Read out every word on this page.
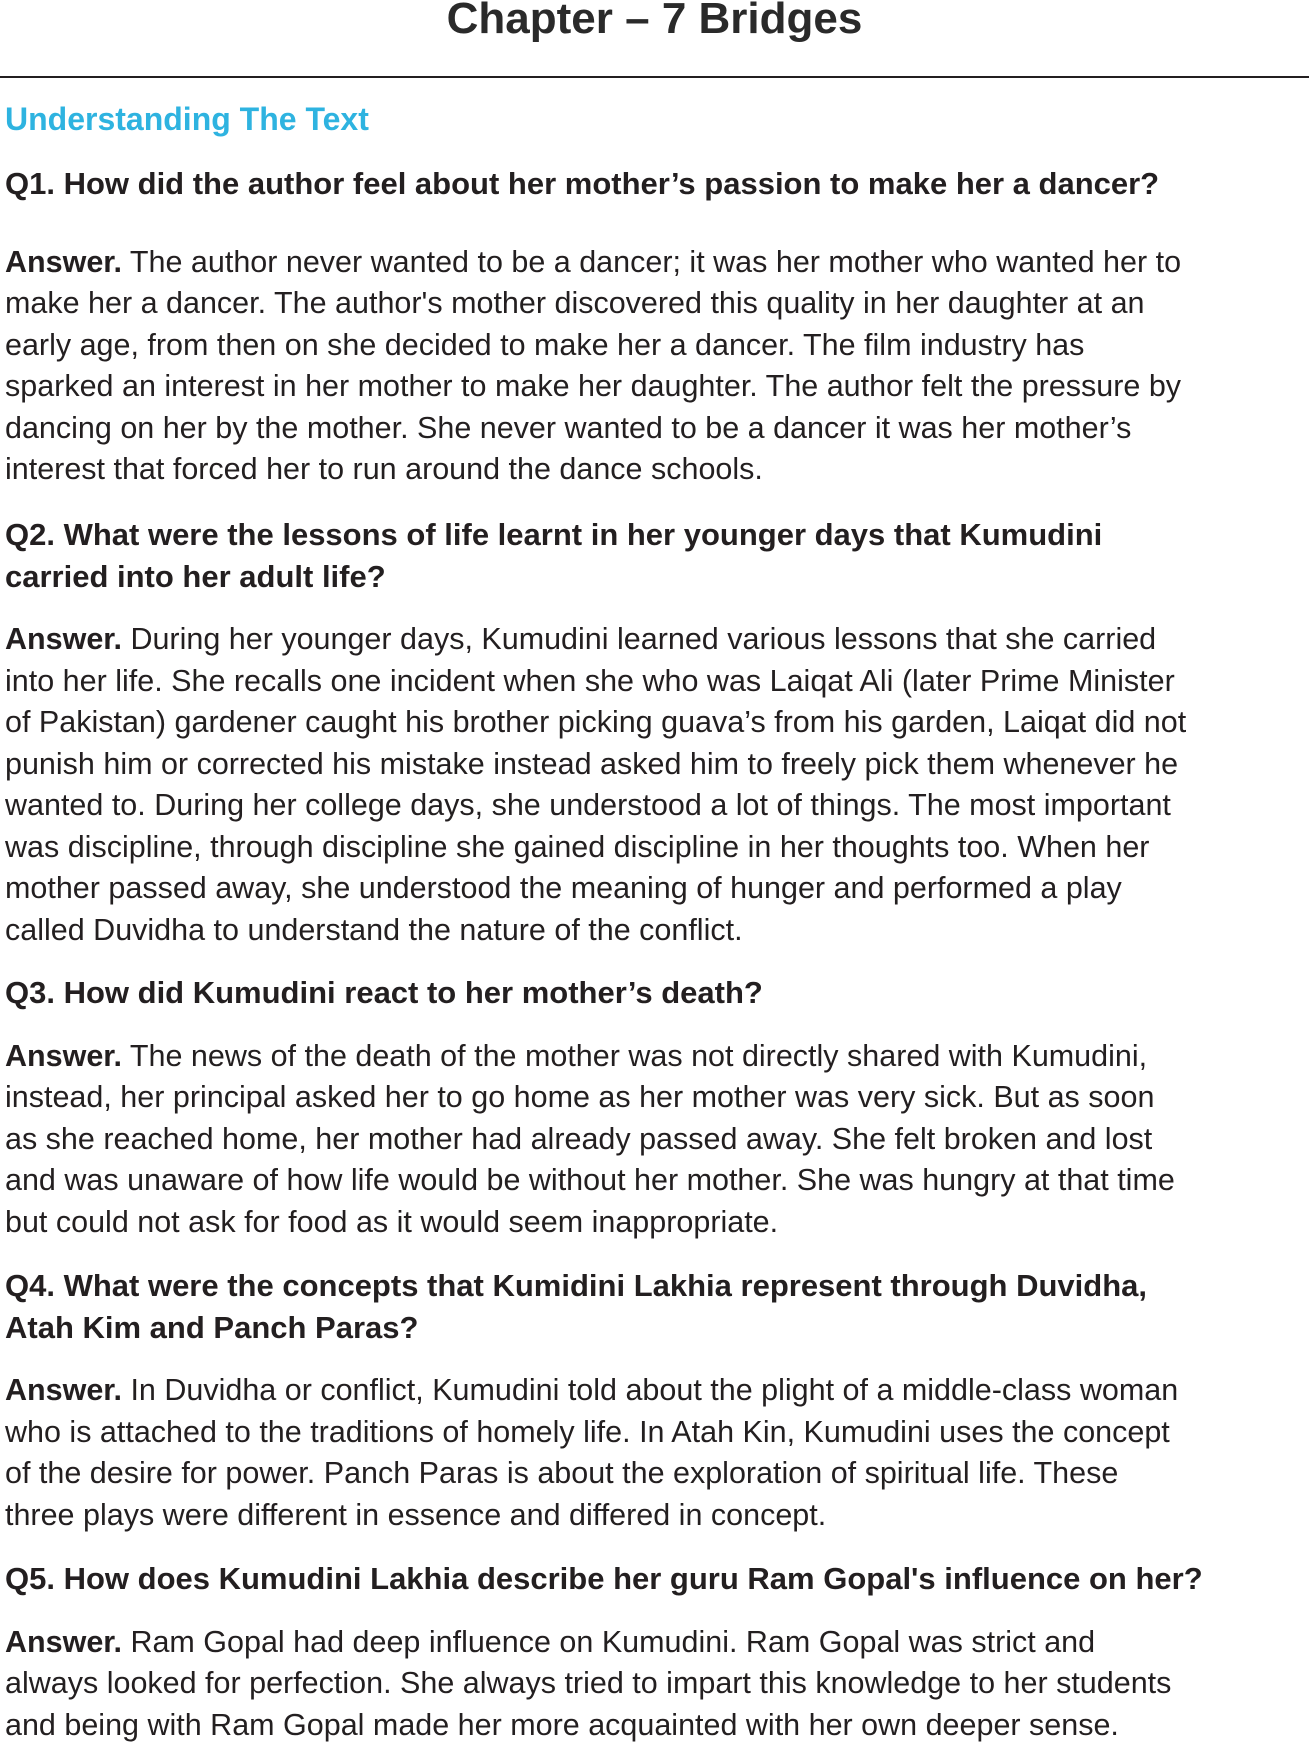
Chapter – 7 Bridges
Understanding The Text

Q1. How did the author feel about her mother’s passion to make her a dancer?

Answer. The author never wanted to be a dancer; it was her mother who wanted her to
make her a dancer. The author's mother discovered this quality in her daughter at an
early age, from then on she decided to make her a dancer. The film industry has
sparked an interest in her mother to make her daughter. The author felt the pressure by
dancing on her by the mother. She never wanted to be a dancer it was her mother’s
interest that forced her to run around the dance schools.

Q2. What were the lessons of life learnt in her younger days that Kumudini
carried into her adult life?

Answer. During her younger days, Kumudini learned various lessons that she carried
into her life. She recalls one incident when she who was Laiqat Ali (later Prime Minister
of Pakistan) gardener caught his brother picking guava’s from his garden, Laiqat did not
punish him or corrected his mistake instead asked him to freely pick them whenever he
wanted to. During her college days, she understood a lot of things. The most important
was discipline, through discipline she gained discipline in her thoughts too. When her
mother passed away, she understood the meaning of hunger and performed a play
called Duvidha to understand the nature of the conflict.

Q3. How did Kumudini react to her mother’s death?

Answer. The news of the death of the mother was not directly shared with Kumudini,
instead, her principal asked her to go home as her mother was very sick. But as soon
as she reached home, her mother had already passed away. She felt broken and lost
and was unaware of how life would be without her mother. She was hungry at that time
but could not ask for food as it would seem inappropriate.

Q4. What were the concepts that Kumidini Lakhia represent through Duvidha,
Atah Kim and Panch Paras?

Answer. In Duvidha or conflict, Kumudini told about the plight of a middle-class woman
who is attached to the traditions of homely life. In Atah Kin, Kumudini uses the concept
of the desire for power. Panch Paras is about the exploration of spiritual life. These
three plays were different in essence and differed in concept.

Q5. How does Kumudini Lakhia describe her guru Ram Gopal's influence on her?

Answer. Ram Gopal had deep influence on Kumudini. Ram Gopal was strict and
always looked for perfection. She always tried to impart this knowledge to her students
and being with Ram Gopal made her more acquainted with her own deeper sense.
